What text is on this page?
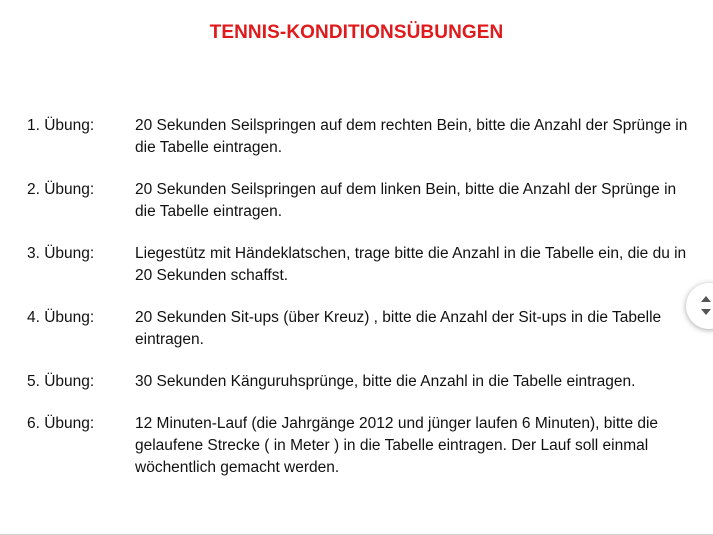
TENNIS-KONDITIONSÜBUNGEN
1. Übung:	20 Sekunden Seilspringen auf dem rechten Bein, bitte die Anzahl der Sprünge in die Tabelle eintragen.
2. Übung:	20 Sekunden Seilspringen auf dem linken Bein, bitte die Anzahl der Sprünge in die Tabelle eintragen.
3. Übung:	Liegestütz mit Händeklatschen, trage bitte die Anzahl in die Tabelle ein, die du in 20 Sekunden schaffst.
4. Übung:	20 Sekunden Sit-ups (über Kreuz) , bitte die Anzahl der Sit-ups in die Tabelle eintragen.
5. Übung:	30 Sekunden Känguruhsprünge, bitte die Anzahl in die Tabelle eintragen.
6. Übung:	12 Minuten-Lauf (die Jahrgänge 2012 und jünger laufen 6 Minuten), bitte die gelaufene Strecke ( in Meter ) in die Tabelle eintragen. Der Lauf soll einmal wöchentlich gemacht werden.
